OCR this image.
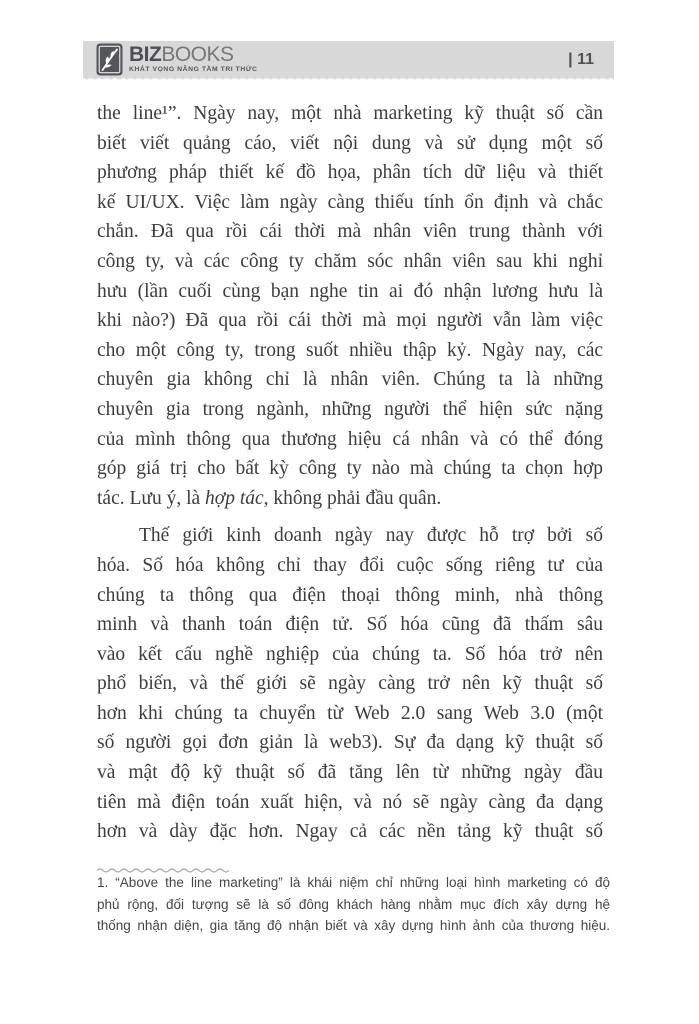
BIZBOOKS
KHÁT VỌNG NÂNG TẦM TRI THỨC
| 11
the line¹”. Ngày nay, một nhà marketing kỹ thuật số cần
biết viết quảng cáo, viết nội dung và sử dụng một số
phương pháp thiết kế đồ họa, phân tích dữ liệu và thiết
kế UI/UX. Việc làm ngày càng thiếu tính ổn định và chắc
chắn. Đã qua rồi cái thời mà nhân viên trung thành với
công ty, và các công ty chăm sóc nhân viên sau khi nghỉ
hưu (lần cuối cùng bạn nghe tin ai đó nhận lương hưu là
khi nào?) Đã qua rồi cái thời mà mọi người vẫn làm việc
cho một công ty, trong suốt nhiều thập kỷ. Ngày nay, các
chuyên gia không chỉ là nhân viên. Chúng ta là những
chuyên gia trong ngành, những người thể hiện sức nặng
của mình thông qua thương hiệu cá nhân và có thể đóng
góp giá trị cho bất kỳ công ty nào mà chúng ta chọn hợp
tác. Lưu ý, là hợp tác, không phải đầu quân.
Thế giới kinh doanh ngày nay được hỗ trợ bởi số
hóa. Số hóa không chỉ thay đổi cuộc sống riêng tư của
chúng ta thông qua điện thoại thông minh, nhà thông
minh và thanh toán điện tử. Số hóa cũng đã thấm sâu
vào kết cấu nghề nghiệp của chúng ta. Số hóa trở nên
phổ biến, và thế giới sẽ ngày càng trở nên kỹ thuật số
hơn khi chúng ta chuyển từ Web 2.0 sang Web 3.0 (một
số người gọi đơn giản là web3). Sự đa dạng kỹ thuật số
và mật độ kỹ thuật số đã tăng lên từ những ngày đầu
tiên mà điện toán xuất hiện, và nó sẽ ngày càng đa dạng
hơn và dày đặc hơn. Ngay cả các nền tảng kỹ thuật số
1. “Above the line marketing” là khái niệm chỉ những loại hình marketing có độ
phủ rộng, đối tượng sẽ là số đông khách hàng nhằm mục đích xây dựng hệ
thống nhận diện, gia tăng độ nhận biết và xây dựng hình ảnh của thương hiệu.
